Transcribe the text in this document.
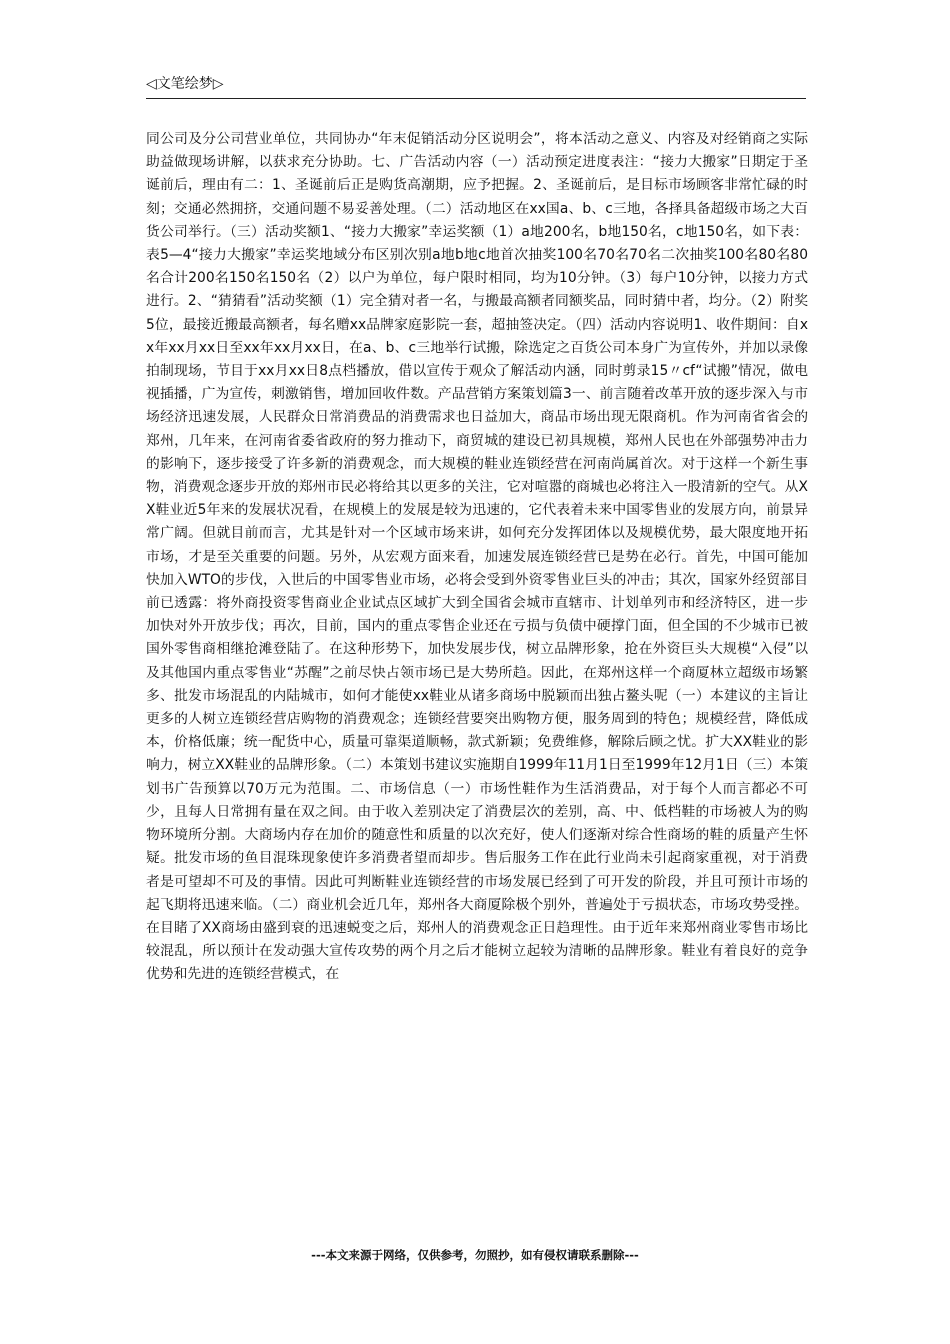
◁文笔绘梦▷
同公司及分公司营业单位，共同协办“年末促销活动分区说明会”，将本活动之意义、内容及对经销商之实际助益做现场讲解，以获求充分协助。七、广告活动内容（一）活动预定进度表注：“接力大搬家”日期定于圣诞前后，理由有二：1、圣诞前后正是购货高潮期，应予把握。2、圣诞前后，是目标市场顾客非常忙碌的时刻；交通必然拥挤，交通问题不易妥善处理。（二）活动地区在xx国a、b、c三地，各择具备超级市场之大百货公司举行。（三）活动奖额1、“接力大搬家”幸运奖额（1）a地200名，b地150名，c地150名，如下表：表5—4“接力大搬家”幸运奖地域分布区别次别a地b地c地首次抽奖100名70名70名二次抽奖100名80名80名合计200名150名150名（2）以户为单位，每户限时相同，均为10分钟。（3）每户10分钟，以接力方式进行。2、“猜猜看”活动奖额（1）完全猜对者一名，与搬最高额者同额奖品，同时猜中者，均分。（2）附奖5位，最接近搬最高额者，每名赠xx品牌家庭影院一套，超抽签决定。（四）活动内容说明1、收件期间：自xx年xx月xx日至xx年xx月xx日，在a、b、c三地举行试搬，除选定之百货公司本身广为宣传外，并加以录像拍制现场，节目于xx月xx日8点档播放，借以宣传于观众了解活动内涵，同时剪录15〃cf“试搬”情况，做电视插播，广为宣传，刺激销售，增加回收件数。产品营销方案策划篇3一、前言随着改革开放的逐步深入与市场经济迅速发展，人民群众日常消费品的消费需求也日益加大，商品市场出现无限商机。作为河南省省会的郑州，几年来，在河南省委省政府的努力推动下，商贸城的建设已初具规模，郑州人民也在外部强势冲击力的影响下，逐步接受了许多新的消费观念，而大规模的鞋业连锁经营在河南尚属首次。对于这样一个新生事物，消费观念逐步开放的郑州市民必将给其以更多的关注，它对喧嚣的商城也必将注入一股清新的空气。从XX鞋业近5年来的发展状况看，在规模上的发展是较为迅速的，它代表着未来中国零售业的发展方向，前景异常广阔。但就目前而言，尤其是针对一个区域市场来讲，如何充分发挥团体以及规模优势，最大限度地开拓市场，才是至关重要的问题。另外，从宏观方面来看，加速发展连锁经营已是势在必行。首先，中国可能加快加入WTO的步伐，入世后的中国零售业市场，必将会受到外资零售业巨头的冲击；其次，国家外经贸部目前已透露：将外商投资零售商业企业试点区域扩大到全国省会城市直辖市、计划单列市和经济特区，进一步加快对外开放步伐；再次，目前，国内的重点零售企业还在亏损与负债中硬撑门面，但全国的不少城市已被国外零售商相继抢滩登陆了。在这种形势下，加快发展步伐，树立品牌形象，抢在外资巨头大规模“入侵”以及其他国内重点零售业“苏醒”之前尽快占领市场已是大势所趋。因此，在郑州这样一个商厦林立超级市场繁多、批发市场混乱的内陆城市，如何才能使xx鞋业从诸多商场中脱颖而出独占鳌头呢（一）本建议的主旨让更多的人树立连锁经营店购物的消费观念；连锁经营要突出购物方便，服务周到的特色；规模经营，降低成本，价格低廉；统一配货中心，质量可靠渠道顺畅，款式新颖；免费维修，解除后顾之忧。扩大XX鞋业的影响力，树立XX鞋业的品牌形象。（二）本策划书建议实施期自1999年11月1日至1999年12月1日（三）本策划书广告预算以70万元为范围。二、市场信息（一）市场性鞋作为生活消费品，对于每个人而言都必不可少，且每人日常拥有量在双之间。由于收入差别决定了消费层次的差别，高、中、低档鞋的市场被人为的购物环境所分割。大商场内存在加价的随意性和质量的以次充好，使人们逐渐对综合性商场的鞋的质量产生怀疑。批发市场的鱼目混珠现象使许多消费者望而却步。售后服务工作在此行业尚未引起商家重视，对于消费者是可望却不可及的事情。因此可判断鞋业连锁经营的市场发展已经到了可开发的阶段，并且可预计市场的起飞期将迅速来临。（二）商业机会近几年，郑州各大商厦除极个别外，普遍处于亏损状态，市场攻势受挫。在目睹了XX商场由盛到衰的迅速蜕变之后，郑州人的消费观念正日趋理性。由于近年来郑州商业零售市场比较混乱，所以预计在发动强大宣传攻势的两个月之后才能树立起较为清晰的品牌形象。鞋业有着良好的竞争优势和先进的连锁经营模式，在
---本文来源于网络，仅供参考，勿照抄，如有侵权请联系删除---
